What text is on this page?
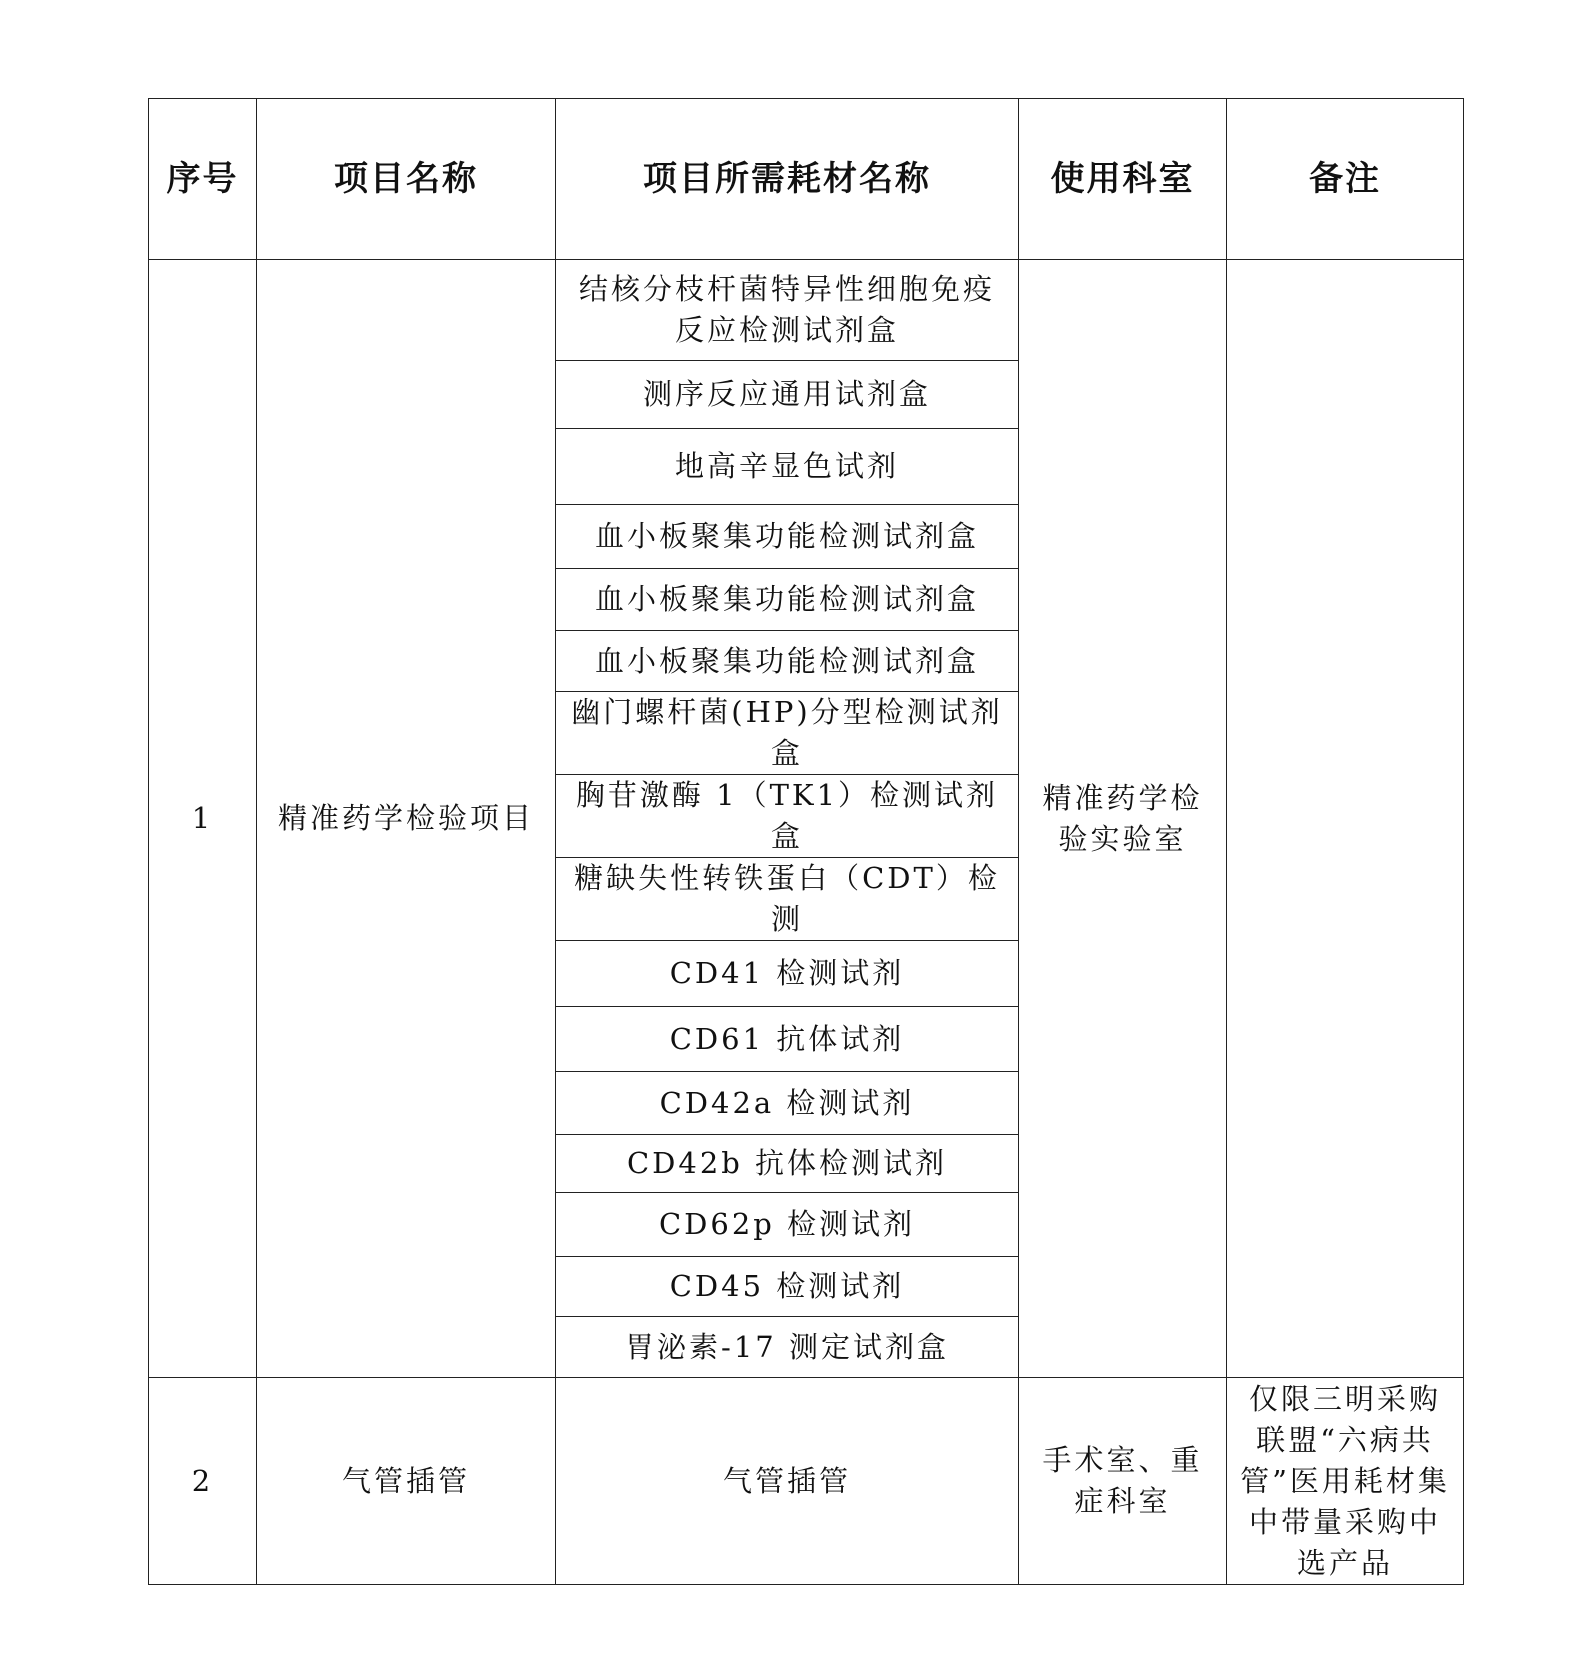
序号	项目名称	项目所需耗材名称	使用科室	备注
1	精准药学检验项目	结核分枝杆菌特异性细胞免疫反应检测试剂盒	精准药学检验实验室	
		测序反应通用试剂盒		
		地高辛显色试剂		
		血小板聚集功能检测试剂盒		
		血小板聚集功能检测试剂盒		
		血小板聚集功能检测试剂盒		
		幽门螺杆菌(HP)分型检测试剂盒		
		胸苷激酶 1（TK1）检测试剂盒		
		糖缺失性转铁蛋白（CDT）检测		
		CD41 检测试剂		
		CD61 抗体试剂		
		CD42a 检测试剂		
		CD42b 抗体检测试剂		
		CD62p 检测试剂		
		CD45 检测试剂		
		胃泌素-17 测定试剂盒		
2	气管插管	气管插管	手术室、重症科室	仅限三明采购联盟“六病共管”医用耗材集中带量采购中选产品
